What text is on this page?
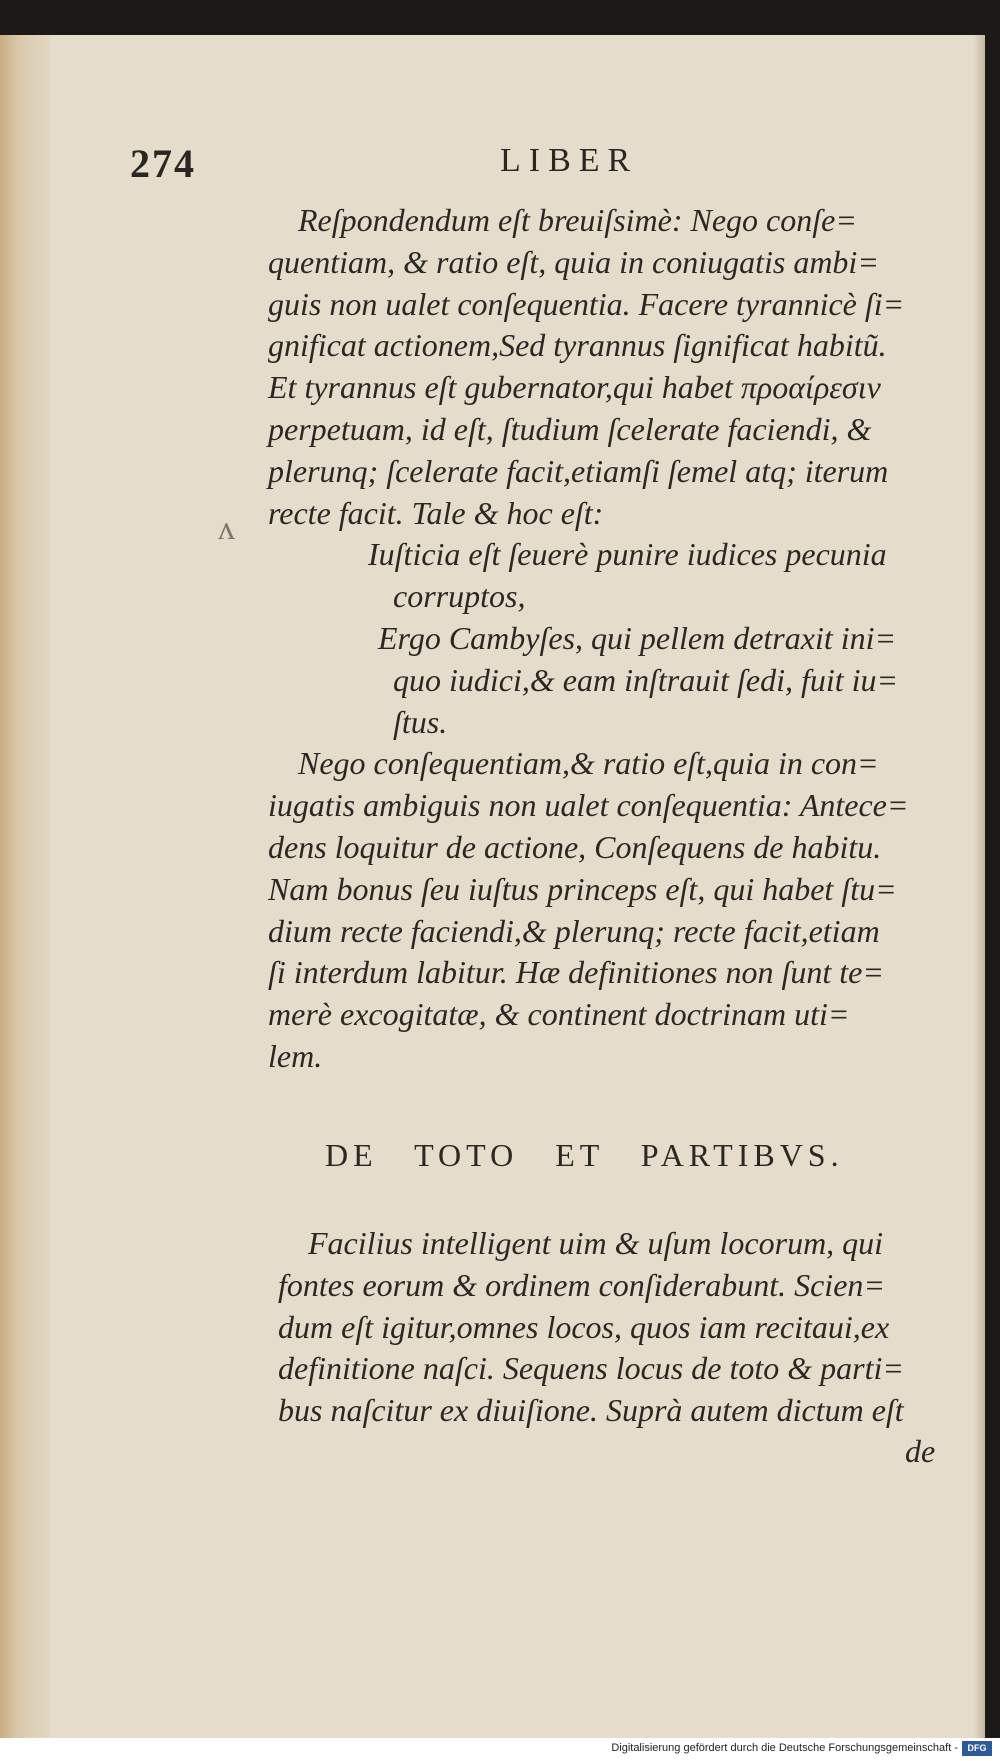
274	LIBER
ʌ
Reſpondendum eſt breuiſsimè: Nego conſe=
quentiam, & ratio eſt, quia in coniugatis ambi=
guis non ualet conſequentia. Facere tyrannicè ſi=
gnificat actionem,Sed tyrannus ſignificat habitũ.
Et tyrannus eſt gubernator,qui habet προαίρεσιν
perpetuam, id eſt, ſtudium ſcelerate faciendi, &
plerunq; ſcelerate facit,etiamſi ſemel atq; iterum
recte facit. Tale & hoc eſt:
Iuſticia eſt ſeuerè punire iudices pecunia
corruptos,
Ergo Cambyſes, qui pellem detraxit ini=
quo iudici,& eam inſtrauit ſedi, fuit iu=
ſtus.
Nego conſequentiam,& ratio eſt,quia in con=
iugatis ambiguis non ualet conſequentia: Antece=
dens loquitur de actione, Conſequens de habitu.
Nam bonus ſeu iuſtus princeps eſt, qui habet ſtu=
dium recte faciendi,& plerunq; recte facit,etiam
ſi interdum labitur. Hæ definitiones non ſunt te=
merè excogitatæ, & continent doctrinam uti=
lem.
DE TOTO ET PARTIBVS.
Facilius intelligent uim & uſum locorum, qui
fontes eorum & ordinem conſiderabunt. Scien=
dum eſt igitur,omnes locos, quos iam recitaui,ex
definitione naſci. Sequens locus de toto & parti=
bus naſcitur ex diuiſione. Suprà autem dictum eſt
de
Digitalisierung gefördert durch die Deutsche Forschungsgemeinschaft -	DFG
